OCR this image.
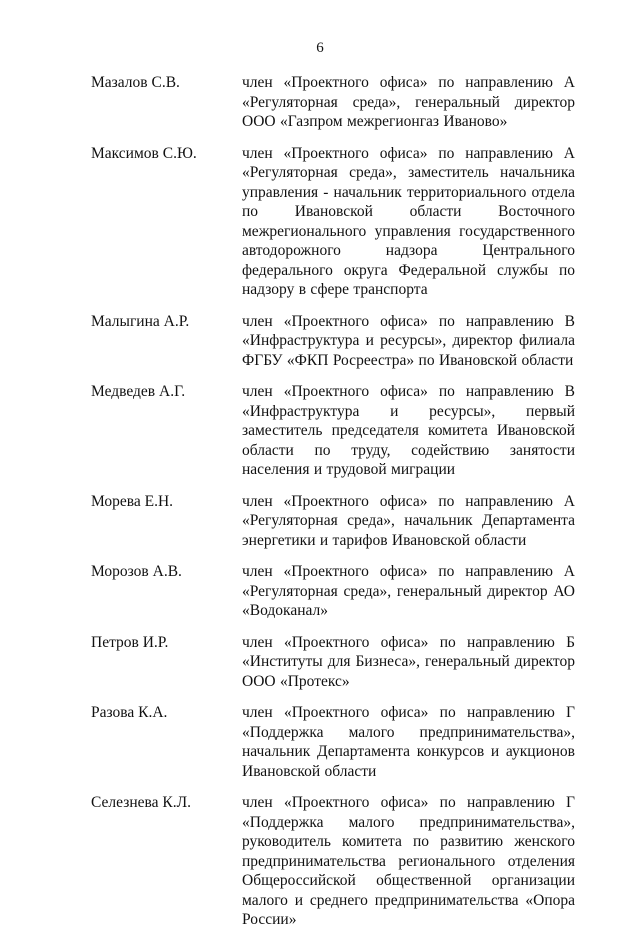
6
Мазалов С.В.	член «Проектного офиса» по направлению А «Регуляторная среда», генеральный директор ООО «Газпром межрегионгаз Иваново»
Максимов С.Ю.	член «Проектного офиса» по направлению А «Регуляторная среда», заместитель начальника управления - начальник территориального отдела по Ивановской области Восточного межрегионального управления государственного автодорожного надзора Центрального федерального округа Федеральной службы по надзору в сфере транспорта
Малыгина А.Р.	член «Проектного офиса» по направлению В «Инфраструктура и ресурсы», директор филиала ФГБУ «ФКП Росреестра» по Ивановской области
Медведев А.Г.	член «Проектного офиса» по направлению В «Инфраструктура и ресурсы», первый заместитель председателя комитета Ивановской области по труду, содействию занятости населения и трудовой миграции
Морева Е.Н.	член «Проектного офиса» по направлению А «Регуляторная среда», начальник Департамента энергетики и тарифов Ивановской области
Морозов А.В.	член «Проектного офиса» по направлению А «Регуляторная среда», генеральный директор АО «Водоканал»
Петров И.Р.	член «Проектного офиса» по направлению Б «Институты для Бизнеса», генеральный директор ООО «Протекс»
Разова К.А.	член «Проектного офиса» по направлению Г «Поддержка малого предпринимательства», начальник Департамента конкурсов и аукционов Ивановской области
Селезнева К.Л.	член «Проектного офиса» по направлению Г «Поддержка малого предпринимательства», руководитель комитета по развитию женского предпринимательства регионального отделения Общероссийской общественной организации малого и среднего предпринимательства «Опора России»
